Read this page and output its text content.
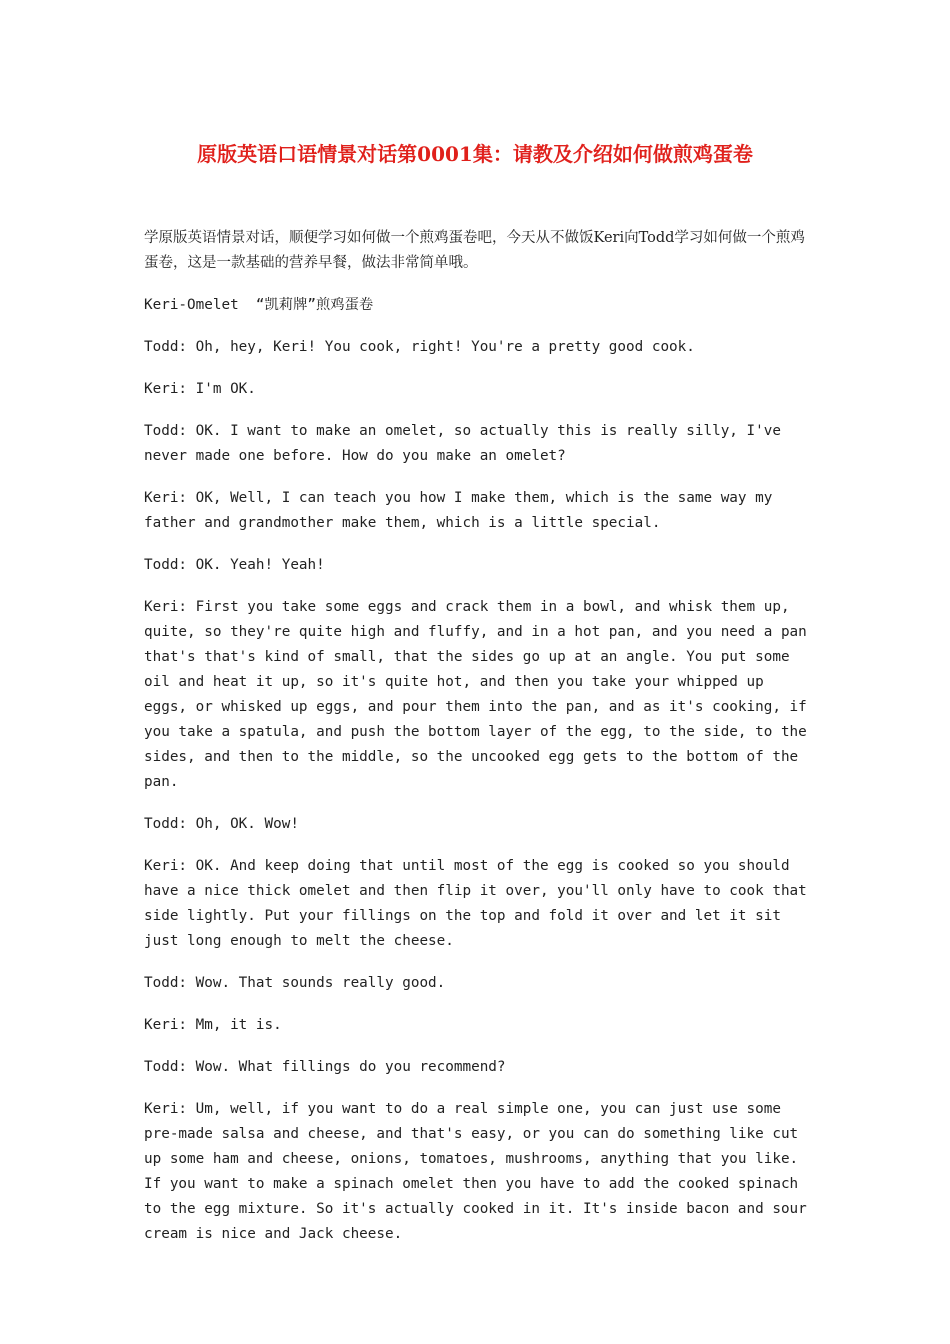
原版英语口语情景对话第0001集：请教及介绍如何做煎鸡蛋卷

学原版英语情景对话，顺便学习如何做一个煎鸡蛋卷吧，今天从不做饭Keri向Todd学习如何做一个煎鸡蛋卷，这是一款基础的营养早餐，做法非常简单哦。

Keri-Omelet  “凯莉牌”煎鸡蛋卷

Todd: Oh, hey, Keri! You cook, right! You're a pretty good cook.

Keri: I'm OK.

Todd: OK. I want to make an omelet, so actually this is really silly, I've never made one before. How do you make an omelet?

Keri: OK, Well, I can teach you how I make them, which is the same way my father and grandmother make them, which is a little special.

Todd: OK. Yeah! Yeah!

Keri: First you take some eggs and crack them in a bowl, and whisk them up, quite, so they're quite high and fluffy, and in a hot pan, and you need a pan that's that's kind of small, that the sides go up at an angle. You put some oil and heat it up, so it's quite hot, and then you take your whipped up eggs, or whisked up eggs, and pour them into the pan, and as it's cooking, if you take a spatula, and push the bottom layer of the egg, to the side, to the sides, and then to the middle, so the uncooked egg gets to the bottom of the pan.

Todd: Oh, OK. Wow!

Keri: OK. And keep doing that until most of the egg is cooked so you should have a nice thick omelet and then flip it over, you'll only have to cook that side lightly. Put your fillings on the top and fold it over and let it sit just long enough to melt the cheese.

Todd: Wow. That sounds really good.

Keri: Mm, it is.

Todd: Wow. What fillings do you recommend?

Keri: Um, well, if you want to do a real simple one, you can just use some pre-made salsa and cheese, and that's easy, or you can do something like cut up some ham and cheese, onions, tomatoes, mushrooms, anything that you like. If you want to make a spinach omelet then you have to add the cooked spinach to the egg mixture. So it's actually cooked in it. It's inside bacon and sour cream is nice and Jack cheese.
